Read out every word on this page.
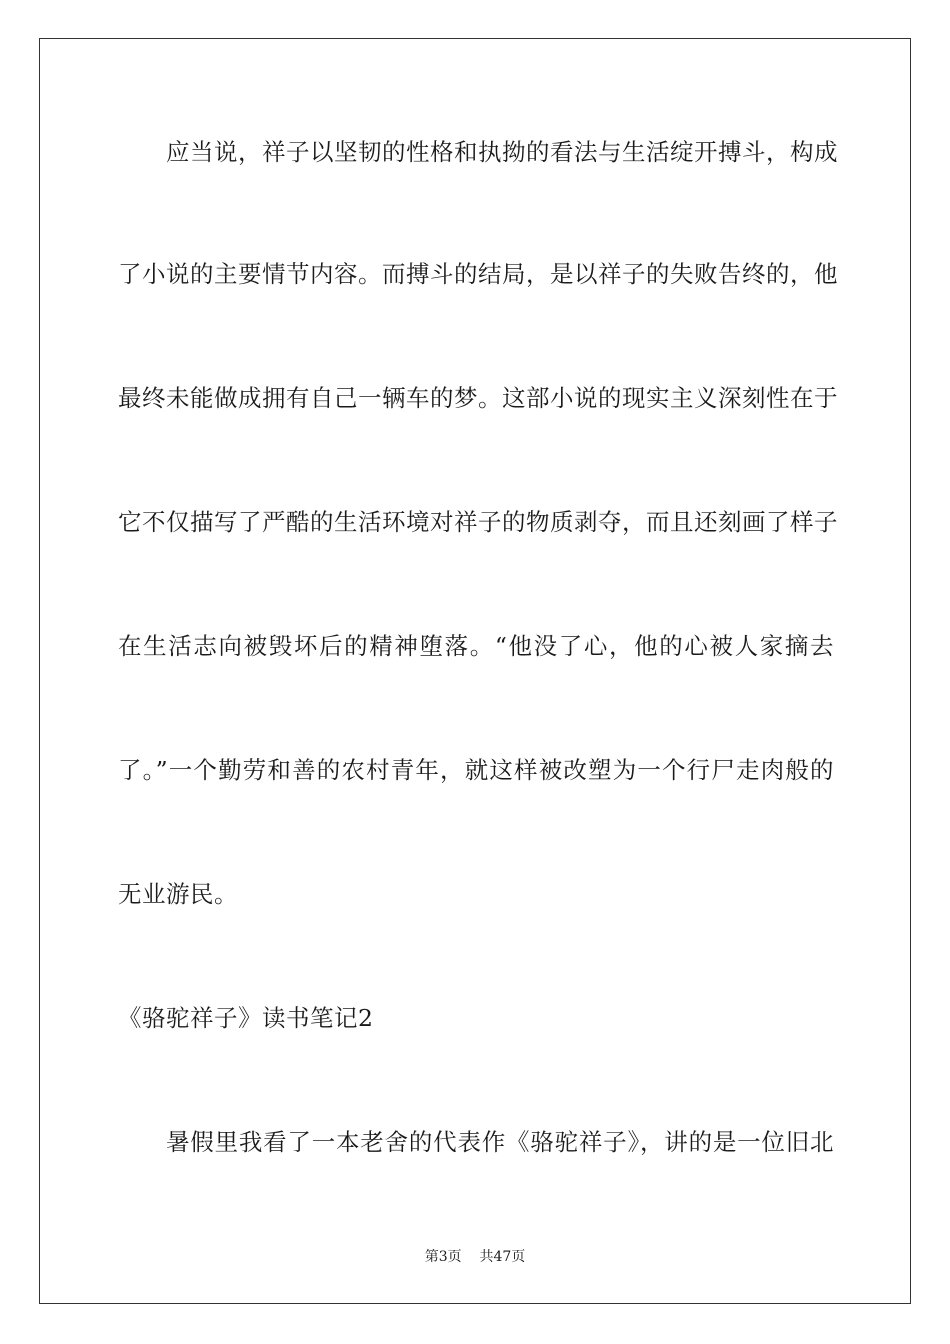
应当说，祥子以坚韧的性格和执拗的看法与生活绽开搏斗，构成
了小说的主要情节内容。而搏斗的结局，是以祥子的失败告终的，他
最终未能做成拥有自己一辆车的梦。这部小说的现实主义深刻性在于
它不仅描写了严酷的生活环境对祥子的物质剥夺，而且还刻画了样子
在生活志向被毁坏后的精神堕落。“他没了心，他的心被人家摘去
了。”一个勤劳和善的农村青年，就这样被改塑为一个行尸走肉般的
无业游民。
《骆驼祥子》读书笔记2
暑假里我看了一本老舍的代表作《骆驼祥子》，讲的是一位旧北
第3页 共47页
